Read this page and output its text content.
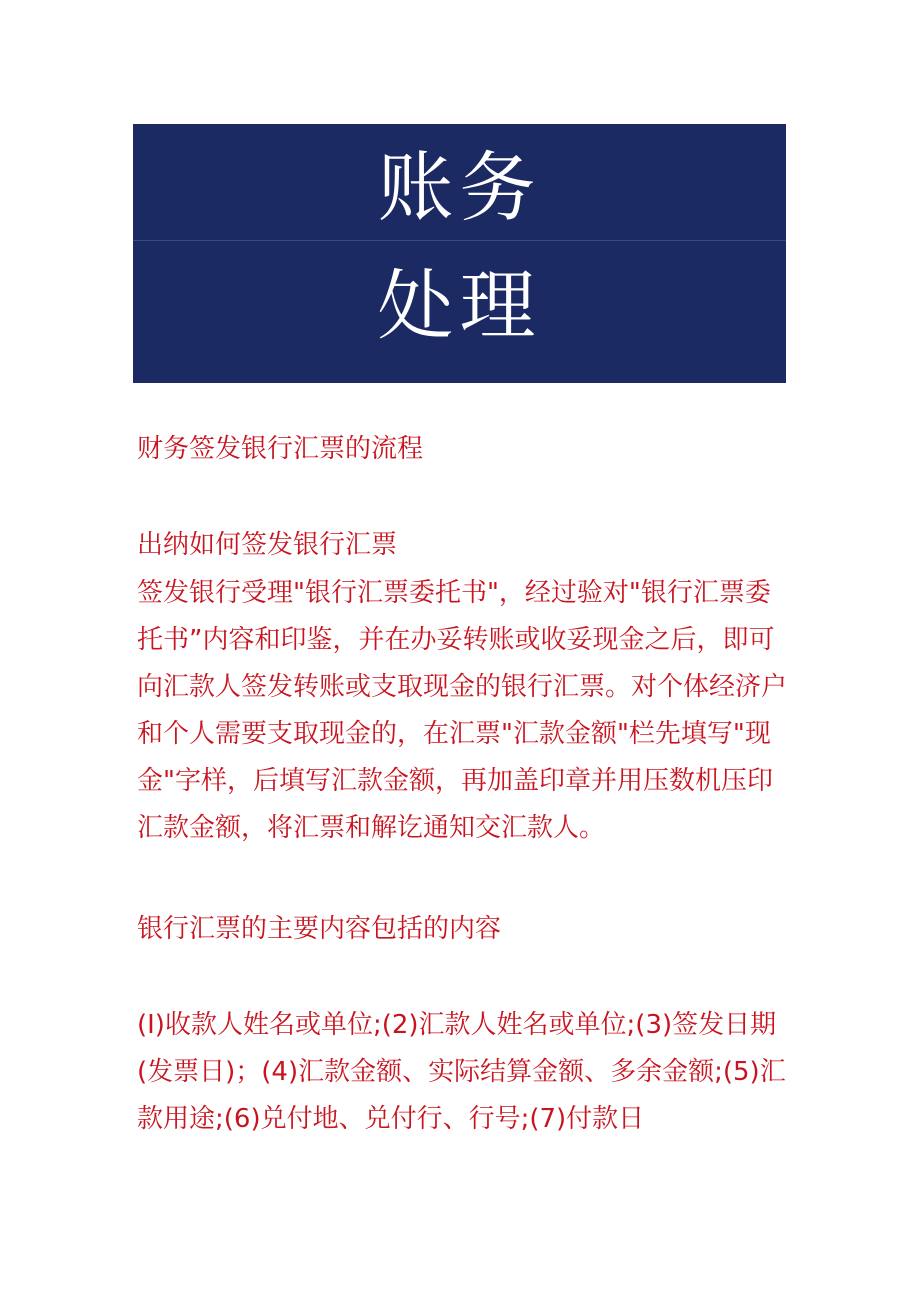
账务
处理

财务签发银行汇票的流程

出纳如何签发银行汇票

签发银行受理"银行汇票委托书"，经过验对"银行汇票委托书”内容和印鉴，并在办妥转账或收妥现金之后，即可向汇款人签发转账或支取现金的银行汇票。对个体经济户和个人需要支取现金的，在汇票"汇款金额"栏先填写"现金"字样，后填写汇款金额，再加盖印章并用压数机压印汇款金额，将汇票和解讫通知交汇款人。

银行汇票的主要内容包括的内容

(I)收款人姓名或单位;(2)汇款人姓名或单位;(3)签发日期(发票日)；(4)汇款金额、实际结算金额、多余金额;(5)汇款用途;(6)兑付地、兑付行、行号;(7)付款日
